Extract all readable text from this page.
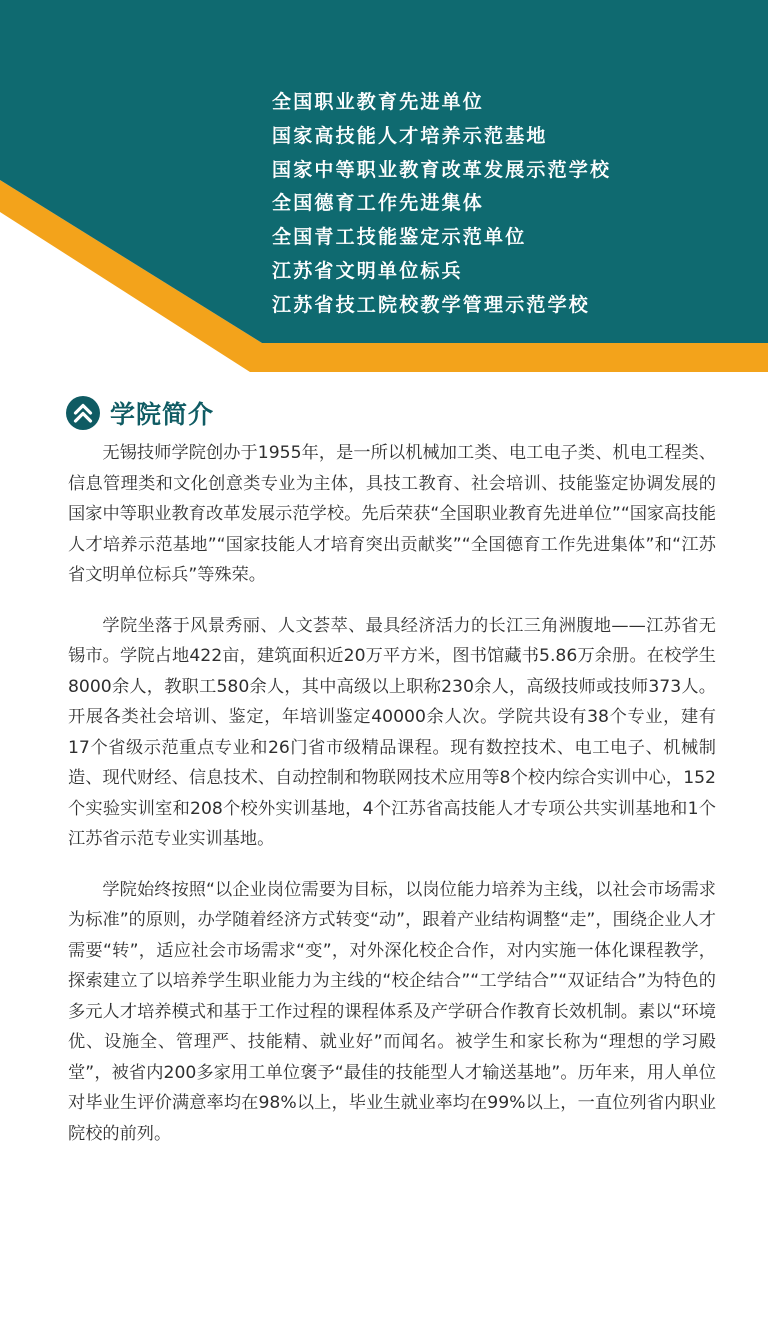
全国职业教育先进单位
国家高技能人才培养示范基地
国家中等职业教育改革发展示范学校
全国德育工作先进集体
全国青工技能鉴定示范单位
江苏省文明单位标兵
江苏省技工院校教学管理示范学校
学院简介

无锡技师学院创办于1955年，是一所以机械加工类、电工电子类、机电工程类、信息管理类和文化创意类专业为主体，具技工教育、社会培训、技能鉴定协调发展的国家中等职业教育改革发展示范学校。先后荣获“全国职业教育先进单位”“国家高技能人才培养示范基地”“国家技能人才培育突出贡献奖”“全国德育工作先进集体”和“江苏省文明单位标兵”等殊荣。

学院坐落于风景秀丽、人文荟萃、最具经济活力的长江三角洲腹地——江苏省无锡市。学院占地422亩，建筑面积近20万平方米，图书馆藏书5.86万余册。在校学生8000余人，教职工580余人，其中高级以上职称230余人，高级技师或技师373人。开展各类社会培训、鉴定，年培训鉴定40000余人次。学院共设有38个专业，建有17个省级示范重点专业和26门省市级精品课程。现有数控技术、电工电子、机械制造、现代财经、信息技术、自动控制和物联网技术应用等8个校内综合实训中心，152个实验实训室和208个校外实训基地，4个江苏省高技能人才专项公共实训基地和1个江苏省示范专业实训基地。

学院始终按照“以企业岗位需要为目标，以岗位能力培养为主线，以社会市场需求为标准”的原则，办学随着经济方式转变“动”，跟着产业结构调整“走”，围绕企业人才需要“转”，适应社会市场需求“变”，对外深化校企合作，对内实施一体化课程教学，探索建立了以培养学生职业能力为主线的“校企结合”“工学结合”“双证结合”为特色的多元人才培养模式和基于工作过程的课程体系及产学研合作教育长效机制。素以“环境优、设施全、管理严、技能精、就业好”而闻名。被学生和家长称为“理想的学习殿堂”，被省内200多家用工单位褒予“最佳的技能型人才输送基地”。历年来，用人单位对毕业生评价满意率均在98%以上，毕业生就业率均在99%以上，一直位列省内职业院校的前列。
